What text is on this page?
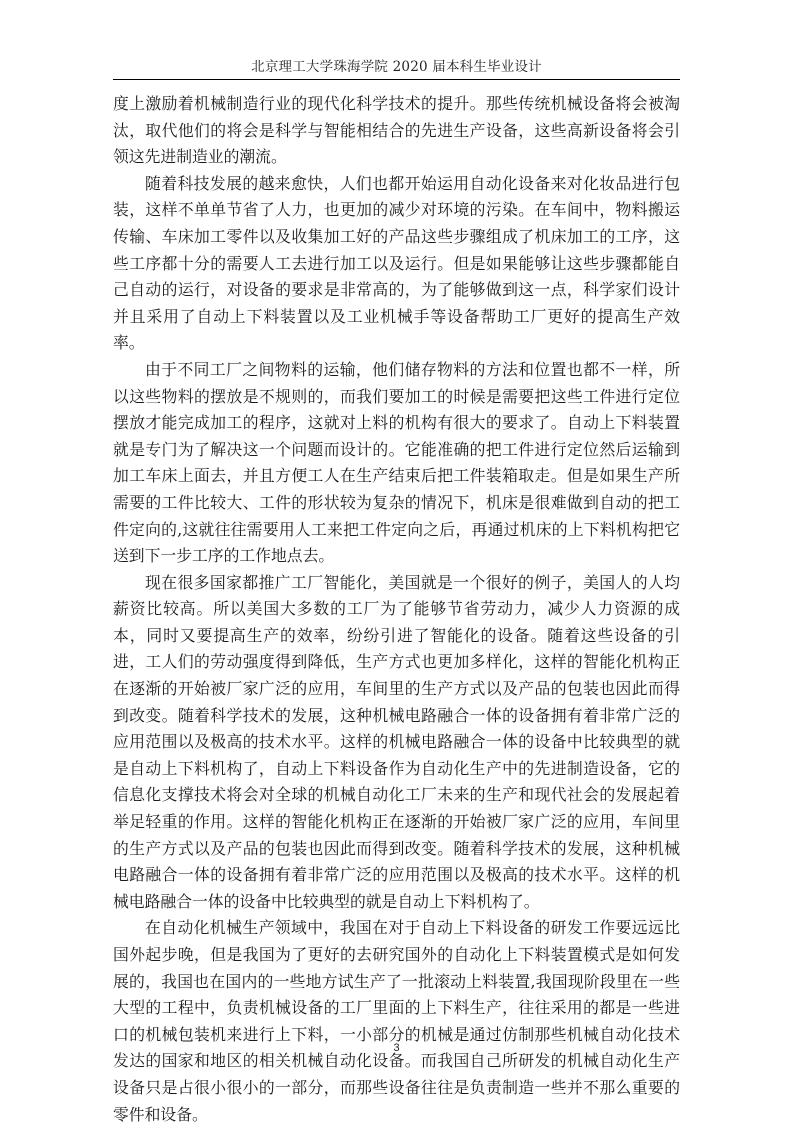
北京理工大学珠海学院 2020 届本科生毕业设计

度上激励着机械制造行业的现代化科学技术的提升。那些传统机械设备将会被淘汰，取代他们的将会是科学与智能相结合的先进生产设备，这些高新设备将会引领这先进制造业的潮流。

随着科技发展的越来愈快，人们也都开始运用自动化设备来对化妆品进行包装，这样不单单节省了人力，也更加的减少对环境的污染。在车间中，物料搬运传输、车床加工零件以及收集加工好的产品这些步骤组成了机床加工的工序，这些工序都十分的需要人工去进行加工以及运行。但是如果能够让这些步骤都能自己自动的运行，对设备的要求是非常高的，为了能够做到这一点，科学家们设计并且采用了自动上下料装置以及工业机械手等设备帮助工厂更好的提高生产效率。

由于不同工厂之间物料的运输，他们储存物料的方法和位置也都不一样，所以这些物料的摆放是不规则的，而我们要加工的时候是需要把这些工件进行定位摆放才能完成加工的程序，这就对上料的机构有很大的要求了。自动上下料装置就是专门为了解决这一个问题而设计的。它能准确的把工件进行定位然后运输到加工车床上面去，并且方便工人在生产结束后把工件装箱取走。但是如果生产所需要的工件比较大、工件的形状较为复杂的情况下，机床是很难做到自动的把工件定向的,这就往往需要用人工来把工件定向之后，再通过机床的上下料机构把它送到下一步工序的工作地点去。

现在很多国家都推广工厂智能化，美国就是一个很好的例子，美国人的人均薪资比较高。所以美国大多数的工厂为了能够节省劳动力，减少人力资源的成本，同时又要提高生产的效率，纷纷引进了智能化的设备。随着这些设备的引进，工人们的劳动强度得到降低，生产方式也更加多样化，这样的智能化机构正在逐渐的开始被厂家广泛的应用，车间里的生产方式以及产品的包装也因此而得到改变。随着科学技术的发展，这种机械电路融合一体的设备拥有着非常广泛的应用范围以及极高的技术水平。这样的机械电路融合一体的设备中比较典型的就是自动上下料机构了，自动上下料设备作为自动化生产中的先进制造设备，它的信息化支撑技术将会对全球的机械自动化工厂未来的生产和现代社会的发展起着举足轻重的作用。这样的智能化机构正在逐渐的开始被厂家广泛的应用，车间里的生产方式以及产品的包装也因此而得到改变。随着科学技术的发展，这种机械电路融合一体的设备拥有着非常广泛的应用范围以及极高的技术水平。这样的机械电路融合一体的设备中比较典型的就是自动上下料机构了。

在自动化机械生产领域中，我国在对于自动上下料设备的研发工作要远远比国外起步晚，但是我国为了更好的去研究国外的自动化上下料装置模式是如何发展的，我国也在国内的一些地方试生产了一批滚动上料装置,我国现阶段里在一些大型的工程中，负责机械设备的工厂里面的上下料生产，往往采用的都是一些进口的机械包装机来进行上下料，一小部分的机械是通过仿制那些机械自动化技术发达的国家和地区的相关机械自动化设备。而我国自己所研发的机械自动化生产设备只是占很小很小的一部分，而那些设备往往是负责制造一些并不那么重要的零件和设备。

3
